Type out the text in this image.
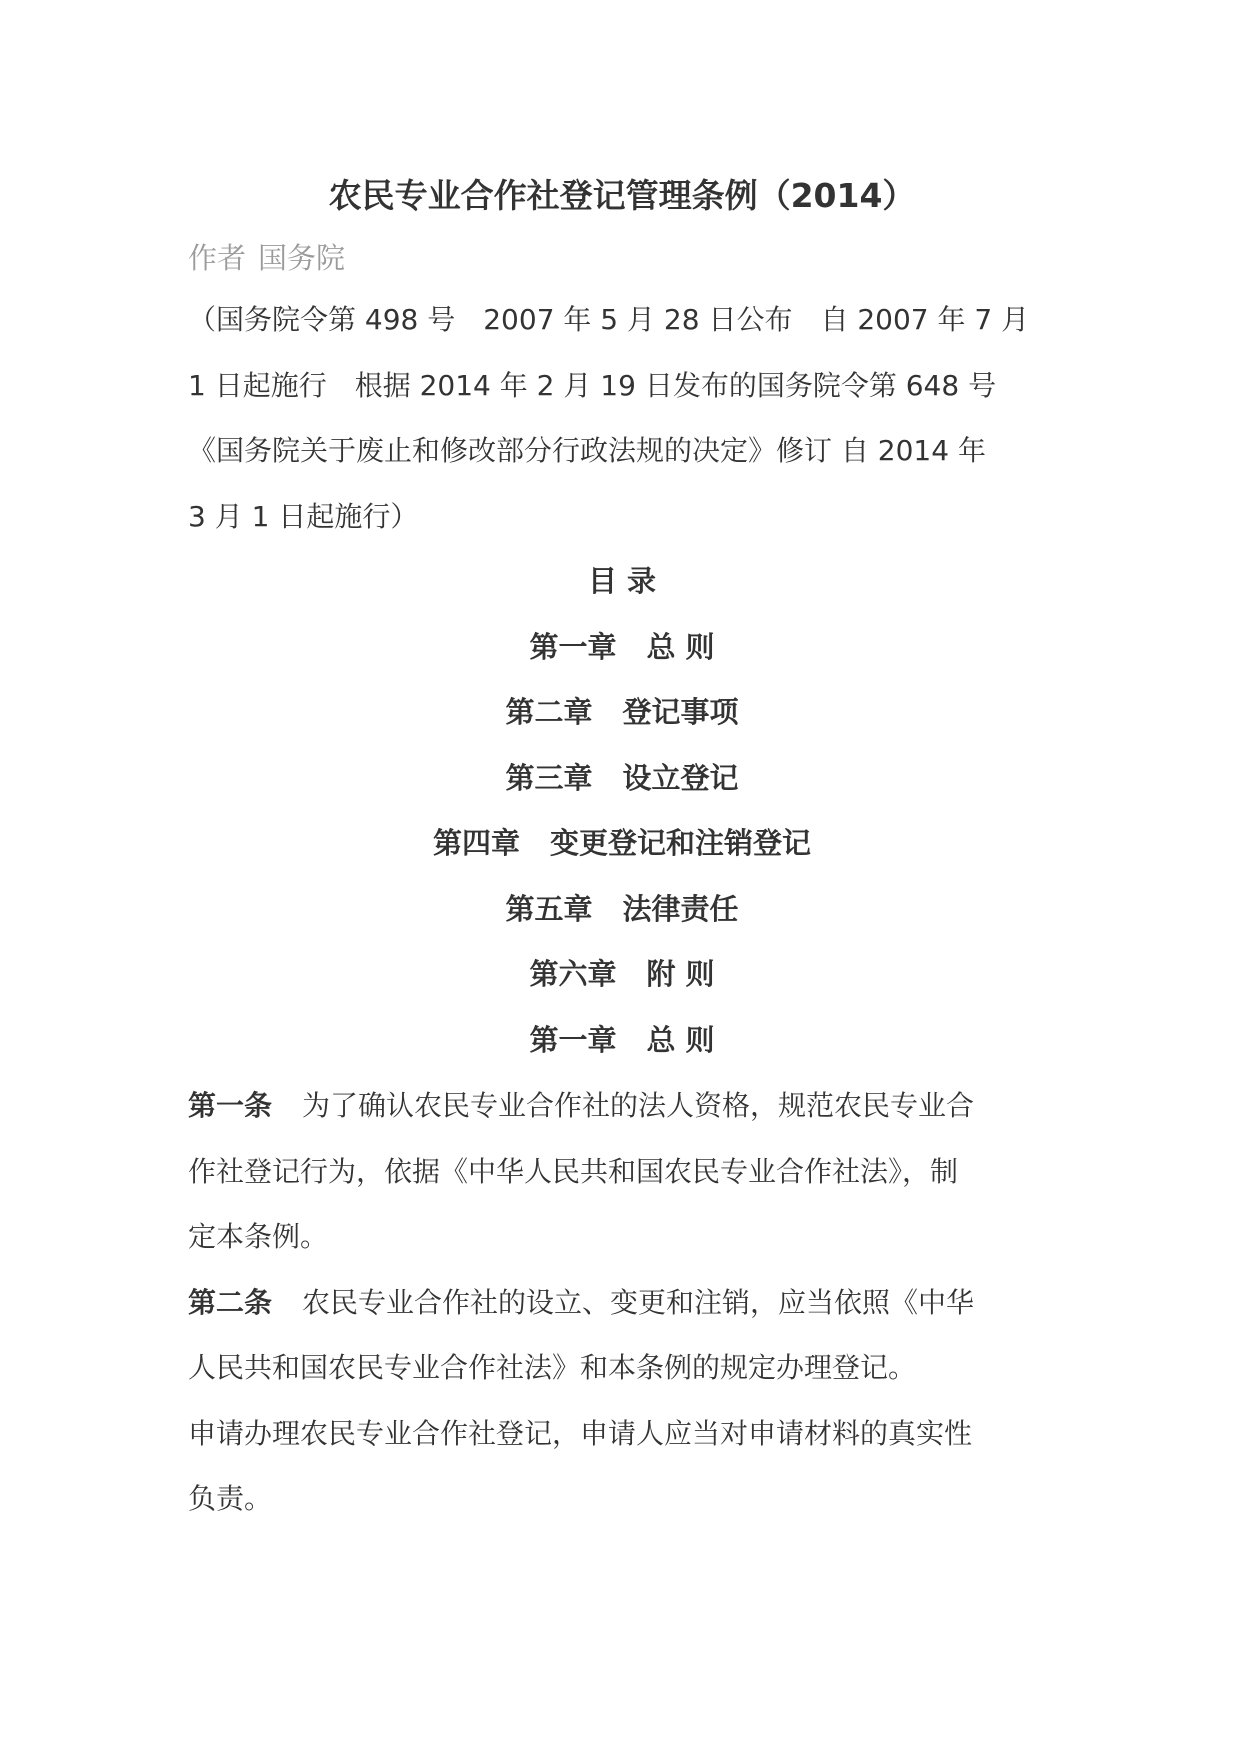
农民专业合作社登记管理条例（2014）

作者 国务院

（国务院令第 498 号　2007 年 5 月 28 日公布　自 2007 年 7 月

1 日起施行　根据 2014 年 2 月 19 日发布的国务院令第 648 号

《国务院关于废止和修改部分行政法规的决定》修订 自 2014 年

3 月 1 日起施行）

目 录

第一章 总 则

第二章 登记事项

第三章 设立登记

第四章 变更登记和注销登记

第五章 法律责任

第六章 附 则

第一章 总 则

第一条 为了确认农民专业合作社的法人资格，规范农民专业合

作社登记行为，依据《中华人民共和国农民专业合作社法》，制

定本条例。

第二条 农民专业合作社的设立、变更和注销，应当依照《中华

人民共和国农民专业合作社法》和本条例的规定办理登记。

申请办理农民专业合作社登记，申请人应当对申请材料的真实性

负责。
